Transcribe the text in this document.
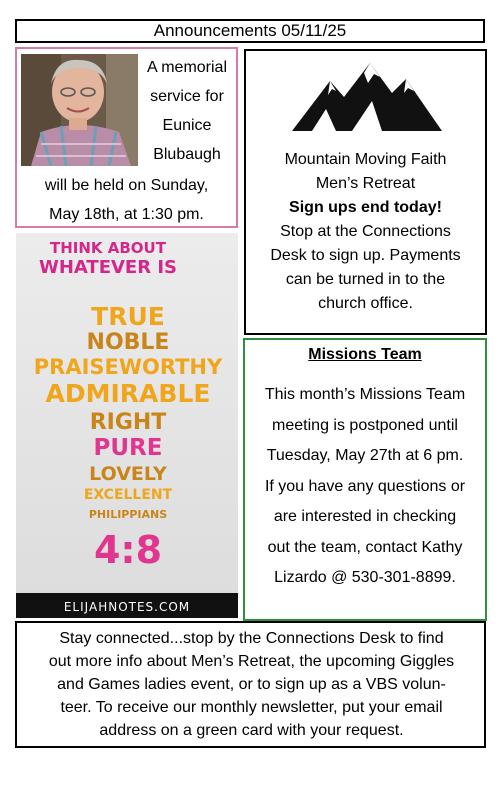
Announcements 05/11/25
A memorial
service for
Eunice
Blubaugh
will be held on Sunday,
May 18th, at 1:30 pm.
Mountain Moving Faith
Men’s Retreat
Sign ups end today!
Stop at the Connections
Desk to sign up. Payments
can be turned in to the
church office.
THINK ABOUT
WHATEVER IS
TRUE
NOBLE
PRAISEWORTHY
ADMIRABLE
RIGHT
PURE
LOVELY
EXCELLENT
PHILIPPIANS
4:8
ELIJAHNOTES.COM
Missions Team
This month’s Missions Team
meeting is postponed until
Tuesday, May 27th at 6 pm.
If you have any questions or
are interested in checking
out the team, contact Kathy
Lizardo @ 530-301-8899.
Stay connected...stop by the Connections Desk to find
out more info about Men’s Retreat, the upcoming Giggles
and Games ladies event, or to sign up as a VBS volun-
teer. To receive our monthly newsletter, put your email
address on a green card with your request.
